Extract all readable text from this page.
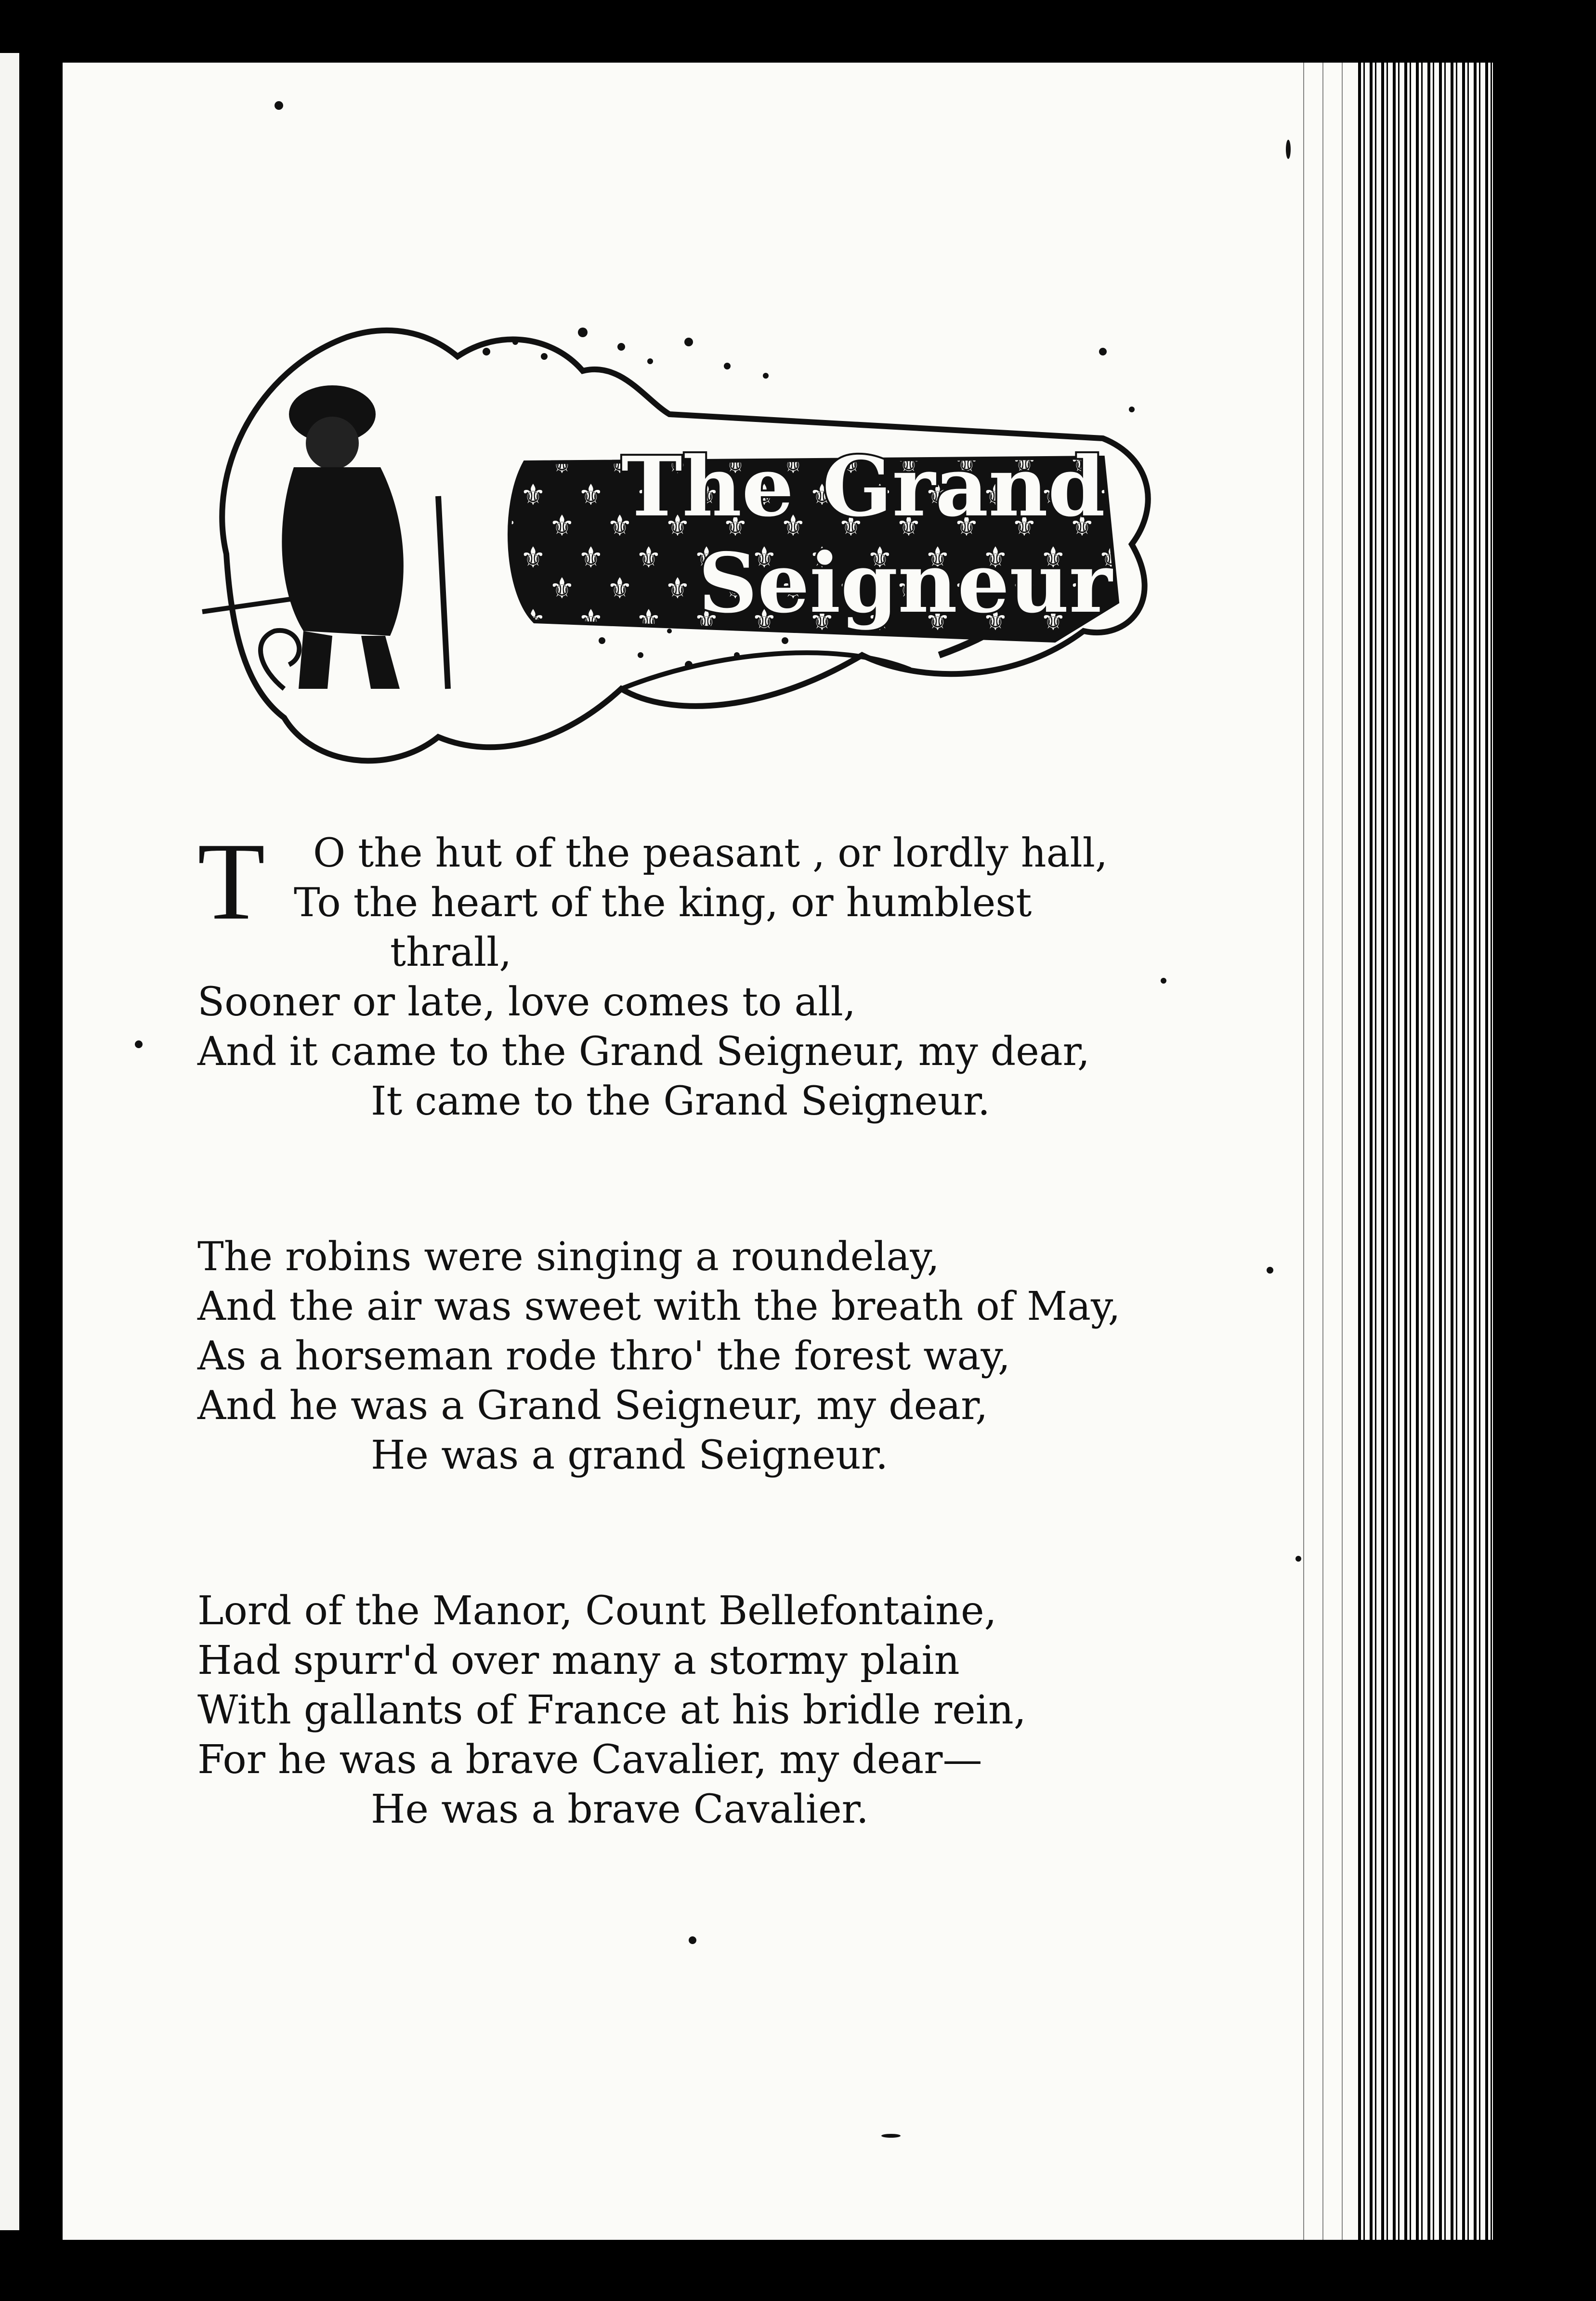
The Grand
Seigneur
T O the hut of the peasant , or lordly hall,
To the heart of the king, or humblest
thrall,
Sooner or late, love comes to all,
And it came to the Grand Seigneur, my dear,
It came to the Grand Seigneur.
The robins were singing a roundelay,
And the air was sweet with the breath of May,
As a horseman rode thro' the forest way,
And he was a Grand Seigneur, my dear,
He was a grand Seigneur.
Lord of the Manor, Count Bellefontaine,
Had spurr'd over many a stormy plain
With gallants of France at his bridle rein,
For he was a brave Cavalier, my dear—
He was a brave Cavalier.
